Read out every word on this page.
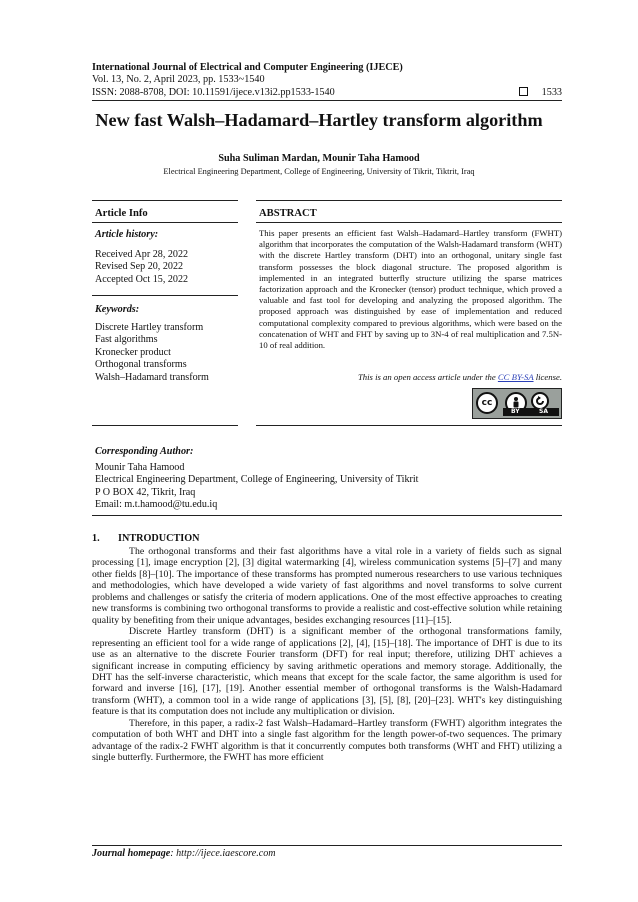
International Journal of Electrical and Computer Engineering (IJECE)
Vol. 13, No. 2, April 2023, pp. 1533~1540
ISSN: 2088-8708, DOI: 10.11591/ijece.v13i2.pp1533-1540	1533
New fast Walsh–Hadamard–Hartley transform algorithm
Suha Suliman Mardan, Mounir Taha Hamood
Electrical Engineering Department, College of Engineering, University of Tikrit, Tiktrit, Iraq
Article Info
Article history:
Received Apr 28, 2022
Revised Sep 20, 2022
Accepted Oct 15, 2022
Keywords:
Discrete Hartley transform
Fast algorithms
Kronecker product
Orthogonal transforms
Walsh–Hadamard transform
ABSTRACT
This paper presents an efficient fast Walsh–Hadamard–Hartley transform (FWHT) algorithm that incorporates the computation of the Walsh-Hadamard transform (WHT) with the discrete Hartley transform (DHT) into an orthogonal, unitary single fast transform possesses the block diagonal structure. The proposed algorithm is implemented in an integrated butterfly structure utilizing the sparse matrices factorization approach and the Kronecker (tensor) product technique, which proved a valuable and fast tool for developing and analyzing the proposed algorithm. The proposed approach was distinguished by ease of implementation and reduced computational complexity compared to previous algorithms, which were based on the concatenation of WHT and FHT by saving up to 3N-4 of real multiplication and 7.5N-10 of real addition.
This is an open access article under the CC BY-SA license.
cc
BY	SA
Corresponding Author:
Mounir Taha Hamood
Electrical Engineering Department, College of Engineering, University of Tikrit
P O BOX 42, Tikrit, Iraq
Email: m.t.hamood@tu.edu.iq
1. INTRODUCTION

The orthogonal transforms and their fast algorithms have a vital role in a variety of fields such as signal processing [1], image encryption [2], [3] digital watermarking [4], wireless communication systems [5]–[7] and many other fields [8]–[10]. The importance of these transforms has prompted numerous researchers to use various techniques and methodologies, which have developed a wide variety of fast algorithms and novel transforms to solve current problems and challenges or satisfy the criteria of modern applications. One of the most effective approaches to creating new transforms is combining two orthogonal transforms to provide a realistic and cost-effective solution while retaining quality by benefiting from their unique advantages, besides exchanging resources [11]–[15].

Discrete Hartley transform (DHT) is a significant member of the orthogonal transformations family, representing an efficient tool for a wide range of applications [2], [4], [15]–[18]. The importance of DHT is due to its use as an alternative to the discrete Fourier transform (DFT) for real input; therefore, utilizing DHT achieves a significant increase in computing efficiency by saving arithmetic operations and memory storage. Additionally, the DHT has the self-inverse characteristic, which means that except for the scale factor, the same algorithm is used for forward and inverse [16], [17], [19]. Another essential member of orthogonal transforms is the Walsh-Hadamard transform (WHT), a common tool in a wide range of applications [3], [5], [8], [20]–[23]. WHT's key distinguishing feature is that its computation does not include any multiplication or division.

Therefore, in this paper, a radix-2 fast Walsh–Hadamard–Hartley transform (FWHT) algorithm integrates the computation of both WHT and DHT into a single fast algorithm for the length power-of-two sequences. The primary advantage of the radix-2 FWHT algorithm is that it concurrently computes both transforms (WHT and FHT) utilizing a single butterfly. Furthermore, the FWHT has more efficient

Journal homepage: http://ijece.iaescore.com
